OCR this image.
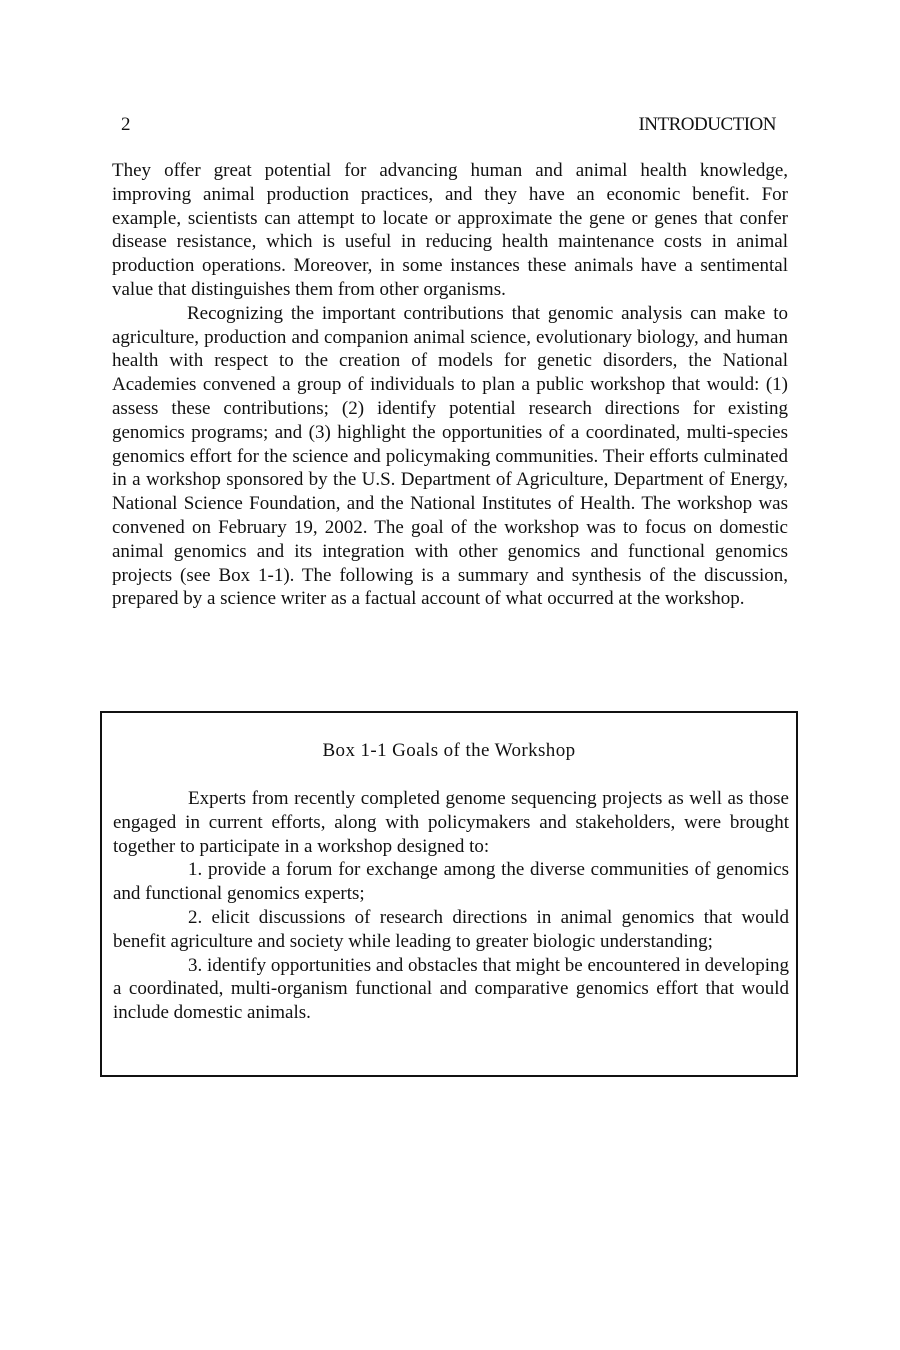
2	INTRODUCTION

They offer great potential for advancing human and animal health knowledge, improving animal production practices, and they have an economic benefit. For example, scientists can attempt to locate or approximate the gene or genes that confer disease resistance, which is useful in reducing health maintenance costs in animal production operations. Moreover, in some instances these animals have a sentimental value that distinguishes them from other organisms.

Recognizing the important contributions that genomic analysis can make to agriculture, production and companion animal science, evolutionary biology, and human health with respect to the creation of models for genetic disorders, the National Academies convened a group of individuals to plan a public workshop that would: (1) assess these contributions; (2) identify potential research directions for existing genomics programs; and (3) highlight the opportunities of a coordinated, multi-species genomics effort for the science and policymaking communities. Their efforts culminated in a workshop sponsored by the U.S. Department of Agriculture, Department of Energy, National Science Foundation, and the National Institutes of Health. The workshop was convened on February 19, 2002. The goal of the workshop was to focus on domestic animal genomics and its integration with other genomics and functional genomics projects (see Box 1-1). The following is a summary and synthesis of the discussion, prepared by a science writer as a factual account of what occurred at the workshop.

Box 1-1 Goals of the Workshop

Experts from recently completed genome sequencing projects as well as those engaged in current efforts, along with policymakers and stakeholders, were brought together to participate in a workshop designed to:

1. provide a forum for exchange among the diverse communities of genomics and functional genomics experts;

2. elicit discussions of research directions in animal genomics that would benefit agriculture and society while leading to greater biologic understanding;

3. identify opportunities and obstacles that might be encountered in developing a coordinated, multi-organism functional and comparative genomics effort that would include domestic animals.
